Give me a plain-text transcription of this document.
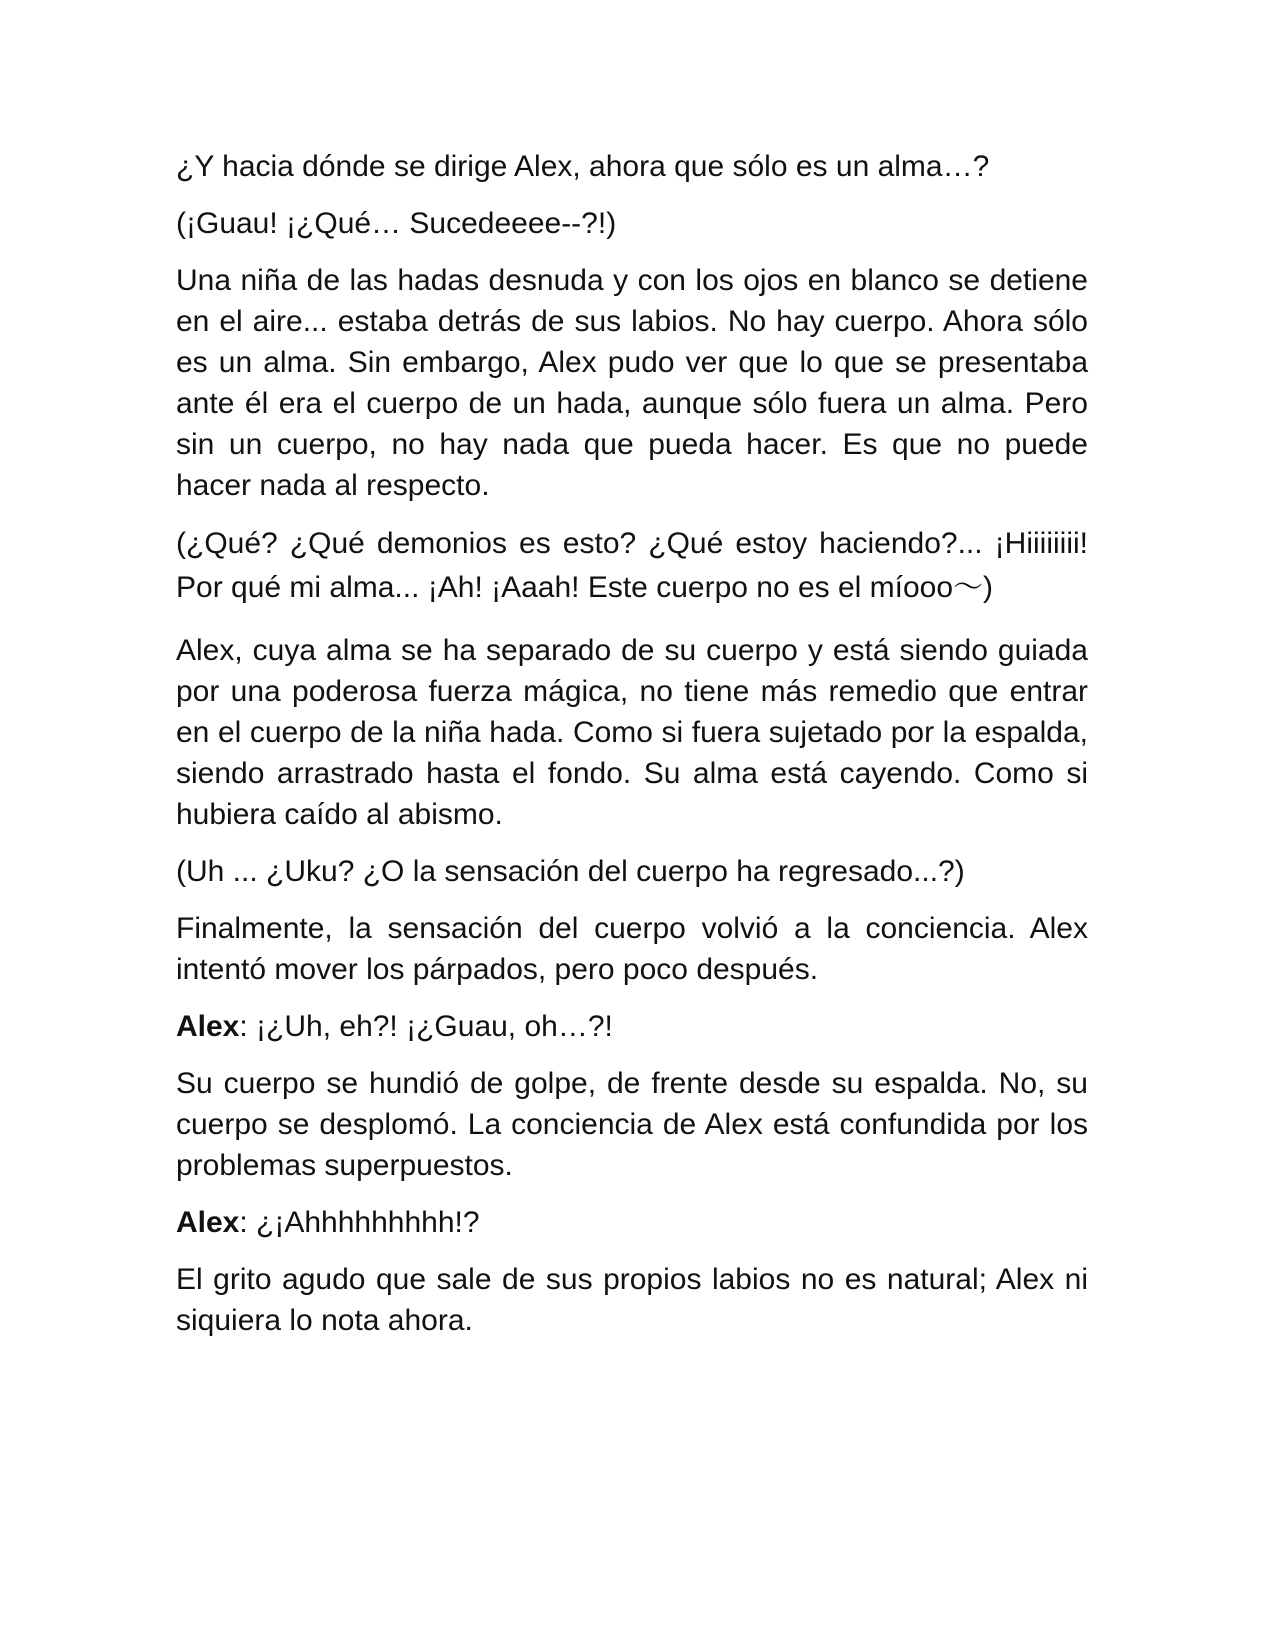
¿Y hacia dónde se dirige Alex, ahora que sólo es un alma…?

(¡Guau! ¡¿Qué… Sucedeeee--?!)

Una niña de las hadas desnuda y con los ojos en blanco se detiene en el aire... estaba detrás de sus labios. No hay cuerpo. Ahora sólo es un alma. Sin embargo, Alex pudo ver que lo que se presentaba ante él era el cuerpo de un hada, aunque sólo fuera un alma. Pero sin un cuerpo, no hay nada que pueda hacer. Es que no puede hacer nada al respecto.

(¿Qué? ¿Qué demonios es esto? ¿Qué estoy haciendo?... ¡Hiiiiiiii! Por qué mi alma... ¡Ah! ¡Aaah! Este cuerpo no es el míooo〜)

Alex, cuya alma se ha separado de su cuerpo y está siendo guiada por una poderosa fuerza mágica, no tiene más remedio que entrar en el cuerpo de la niña hada. Como si fuera sujetado por la espalda, siendo arrastrado hasta el fondo. Su alma está cayendo. Como si hubiera caído al abismo.

(Uh ... ¿Uku? ¿O la sensación del cuerpo ha regresado...?)

Finalmente, la sensación del cuerpo volvió a la conciencia. Alex intentó mover los párpados, pero poco después.

Alex: ¡¿Uh, eh?! ¡¿Guau, oh…?!

Su cuerpo se hundió de golpe, de frente desde su espalda. No, su cuerpo se desplomó. La conciencia de Alex está confundida por los problemas superpuestos.

Alex: ¿¡Ahhhhhhhhh!?

El grito agudo que sale de sus propios labios no es natural; Alex ni siquiera lo nota ahora.
